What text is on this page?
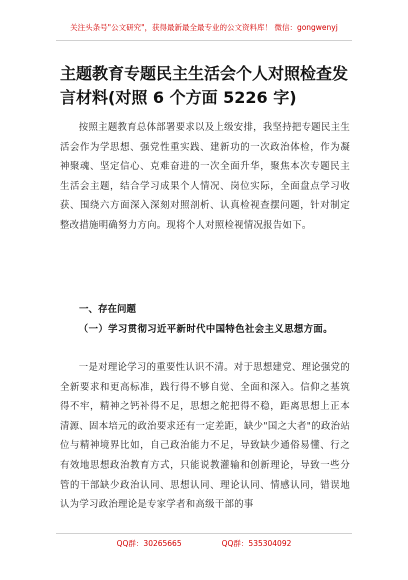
关注头条号"公文研究"，获得最新最全最专业的公文资料库！ 微信：gongwenyj
主题教育专题民主生活会个人对照检查发言材料(对照 6 个方面 5226 字)

按照主题教育总体部署要求以及上级安排，我坚持把专题民主生活会作为学思想、强党性重实践、建新功的一次政治体检，作为凝神聚魂、坚定信心、克难奋进的一次全面升华，聚焦本次专题民主生活会主题，结合学习成果个人情况、岗位实际，全面盘点学习收获、围绕六方面深入深刻对照剖析、认真检视查摆问题，针对制定整改措施明确努力方向。现将个人对照检视情况报告如下。

一、存在问题

（一）学习贯彻习近平新时代中国特色社会主义思想方面。

一是对理论学习的重要性认识不清。对于思想建党、理论强党的全新要求和更高标准，践行得不够自觉、全面和深入。信仰之基筑得不牢，精神之钙补得不足，思想之舵把得不稳，距离思想上正本清源、固本培元的政治要求还有一定差距，缺少"国之大者"的政治站位与精神境界比如，自己政治能力不足，导致缺少通俗易懂、行之有效地思想政治教育方式，只能说教灌输和创新理论，导致一些分管的干部缺少政治认同、思想认同、理论认同、情感认同，错误地认为学习政治理论是专家学者和高级干部的事

QQ群：30265665	QQ群：535304092
